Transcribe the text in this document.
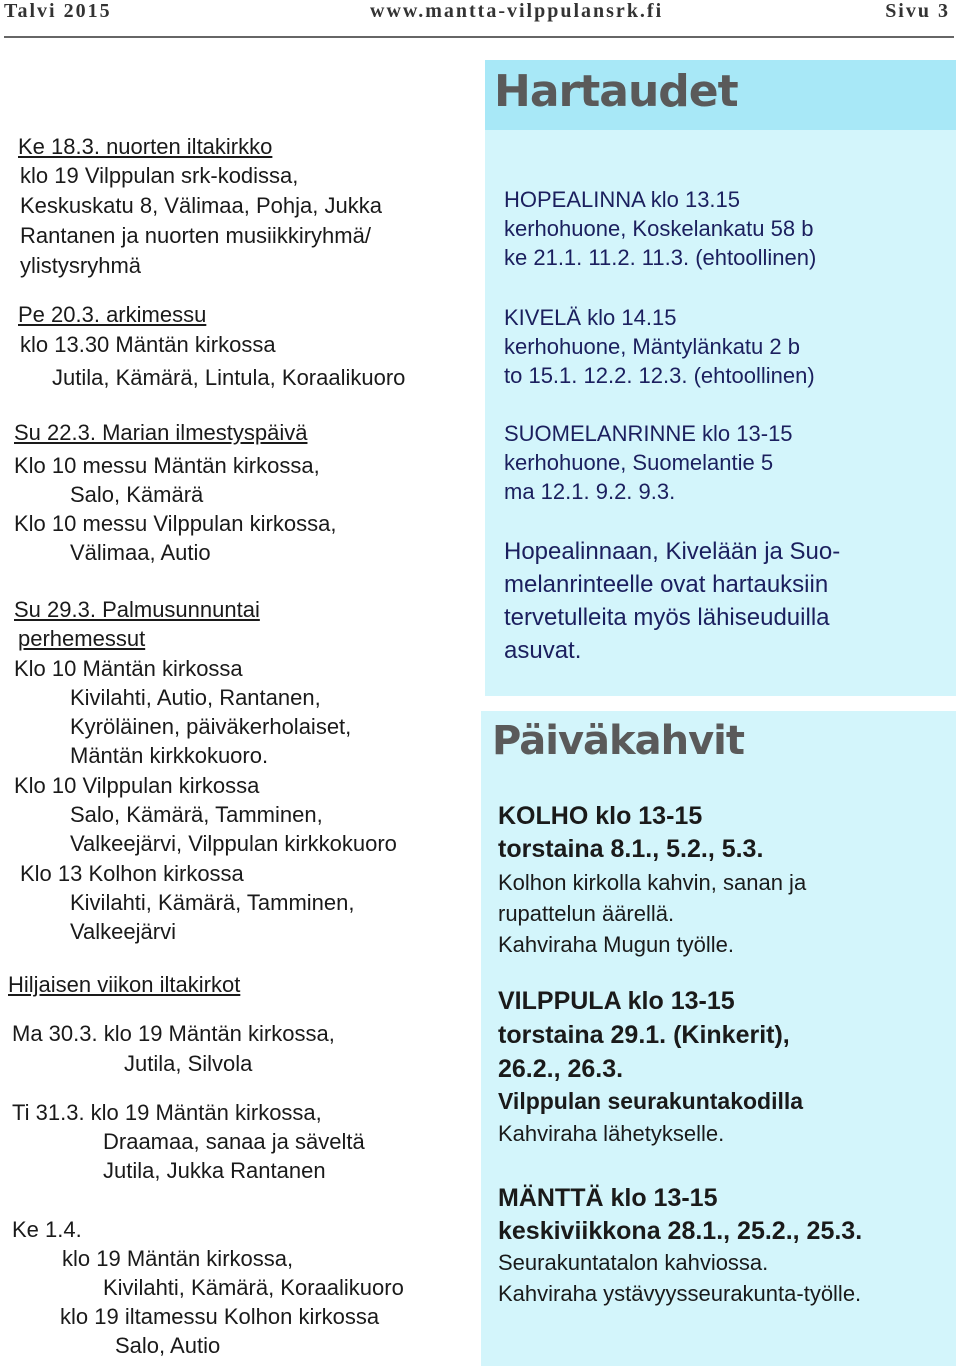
Talvi 2015	www.mantta-vilppulansrk.fi	Sivu 3
Ke 18.3. nuorten iltakirkko
klo 19 Vilppulan srk-kodissa,
Keskuskatu 8, Välimaa, Pohja, Jukka
Rantanen ja nuorten musiikkiryhmä/
ylistysryhmä
Pe 20.3. arkimessu
klo 13.30 Mäntän kirkossa
Jutila, Kämärä, Lintula, Koraalikuoro
Su 22.3. Marian ilmestyspäivä
Klo 10 messu Mäntän kirkossa,
Salo, Kämärä
Klo 10 messu Vilppulan kirkossa,
Välimaa, Autio
Su 29.3. Palmusunnuntai
perhemessut
Klo 10 Mäntän kirkossa
Kivilahti, Autio, Rantanen,
Kyröläinen, päiväkerholaiset,
Mäntän kirkkokuoro.
Klo 10 Vilppulan kirkossa
Salo, Kämärä, Tamminen,
Valkeejärvi, Vilppulan kirkkokuoro
Klo 13 Kolhon kirkossa
Kivilahti, Kämärä, Tamminen,
Valkeejärvi
Hiljaisen viikon iltakirkot
Ma 30.3. klo 19 Mäntän kirkossa,
Jutila, Silvola
Ti 31.3. klo 19 Mäntän kirkossa,
Draamaa, sanaa ja säveltä
Jutila, Jukka Rantanen
Ke 1.4.
klo 19 Mäntän kirkossa,
Kivilahti, Kämärä, Koraalikuoro
klo 19 iltamessu Kolhon kirkossa
Salo, Autio
Hartaudet
HOPEALINNA klo 13.15
kerhohuone, Koskelankatu 58 b
ke 21.1. 11.2. 11.3. (ehtoollinen)
KIVELÄ klo 14.15
kerhohuone, Mäntylänkatu 2 b
to 15.1. 12.2. 12.3. (ehtoollinen)
SUOMELANRINNE klo 13-15
kerhohuone, Suomelantie 5
ma 12.1. 9.2. 9.3.
Hopealinnaan, Kivelään ja Suo-
melanrinteelle ovat hartauksiin
tervetulleita myös lähiseuduilla
asuvat.
Päiväkahvit
KOLHO klo 13-15
torstaina 8.1., 5.2., 5.3.
Kolhon kirkolla kahvin, sanan ja
rupattelun äärellä.
Kahviraha Mugun työlle.
VILPPULA klo 13-15
torstaina 29.1. (Kinkerit),
26.2., 26.3.
Vilppulan seurakuntakodilla
Kahviraha lähetykselle.
MÄNTTÄ klo 13-15
keskiviikkona 28.1., 25.2., 25.3.
Seurakuntatalon kahviossa.
Kahviraha ystävyysseurakunta-työlle.
